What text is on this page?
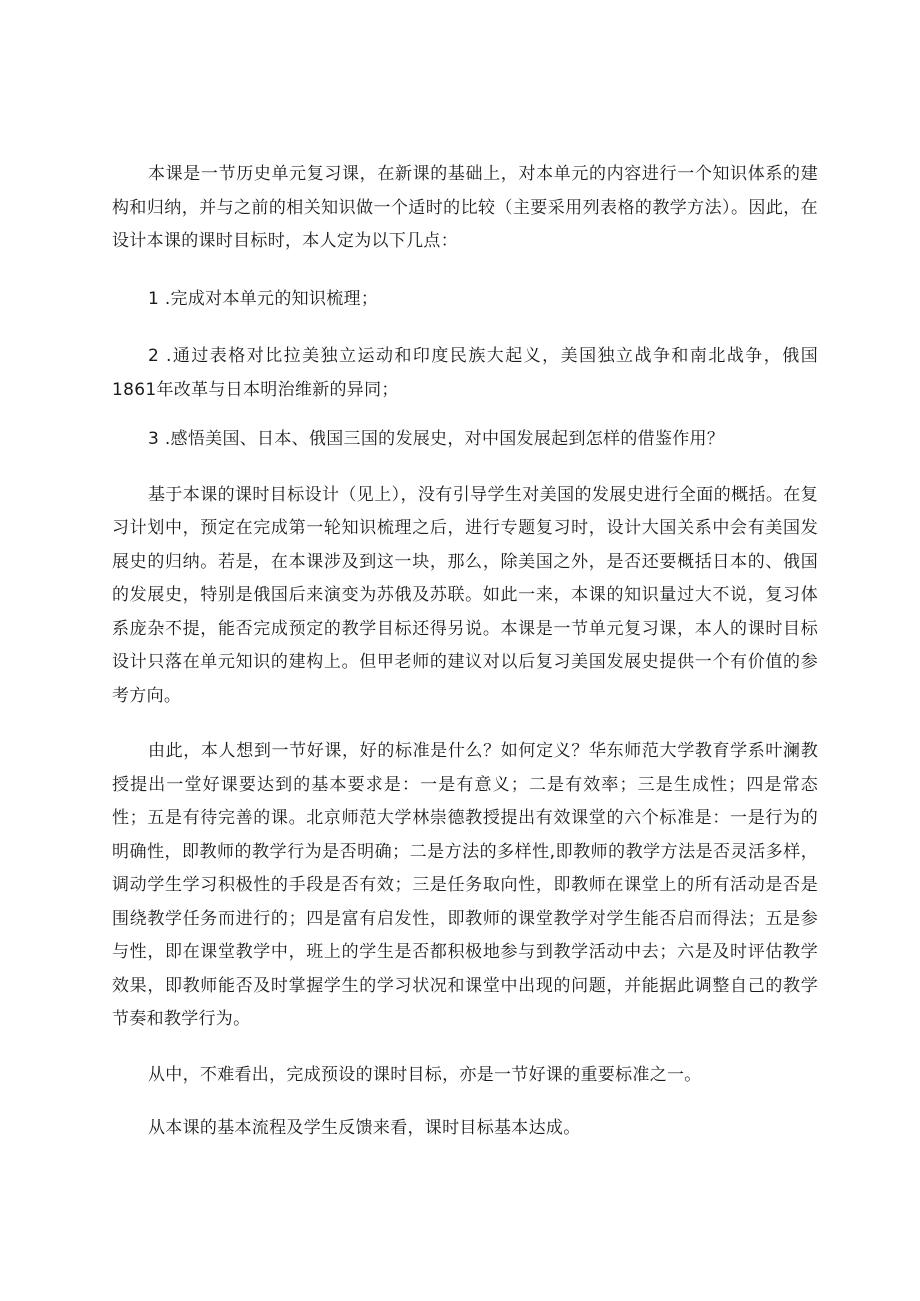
本课是一节历史单元复习课，在新课的基础上，对本单元的内容进行一个知识体系的建构和归纳，并与之前的相关知识做一个适时的比较（主要采用列表格的教学方法）。因此，在设计本课的课时目标时，本人定为以下几点：

1 .完成对本单元的知识梳理；

2 .通过表格对比拉美独立运动和印度民族大起义，美国独立战争和南北战争，俄国1861年改革与日本明治维新的异同；

3 .感悟美国、日本、俄国三国的发展史，对中国发展起到怎样的借鉴作用？

基于本课的课时目标设计（见上），没有引导学生对美国的发展史进行全面的概括。在复习计划中，预定在完成第一轮知识梳理之后，进行专题复习时，设计大国关系中会有美国发展史的归纳。若是，在本课涉及到这一块，那么，除美国之外，是否还要概括日本的、俄国的发展史，特别是俄国后来演变为苏俄及苏联。如此一来，本课的知识量过大不说，复习体系庞杂不提，能否完成预定的教学目标还得另说。本课是一节单元复习课，本人的课时目标设计只落在单元知识的建构上。但甲老师的建议对以后复习美国发展史提供一个有价值的参考方向。

由此，本人想到一节好课，好的标准是什么？如何定义？华东师范大学教育学系叶澜教授提出一堂好课要达到的基本要求是：一是有意义；二是有效率；三是生成性；四是常态性；五是有待完善的课。北京师范大学林崇德教授提出有效课堂的六个标准是：一是行为的明确性，即教师的教学行为是否明确；二是方法的多样性,即教师的教学方法是否灵活多样，调动学生学习积极性的手段是否有效；三是任务取向性，即教师在课堂上的所有活动是否是围绕教学任务而进行的；四是富有启发性，即教师的课堂教学对学生能否启而得法；五是参与性，即在课堂教学中，班上的学生是否都积极地参与到教学活动中去；六是及时评估教学效果，即教师能否及时掌握学生的学习状况和课堂中出现的问题，并能据此调整自己的教学节奏和教学行为。

从中，不难看出，完成预设的课时目标，亦是一节好课的重要标准之一。

从本课的基本流程及学生反馈来看，课时目标基本达成。
